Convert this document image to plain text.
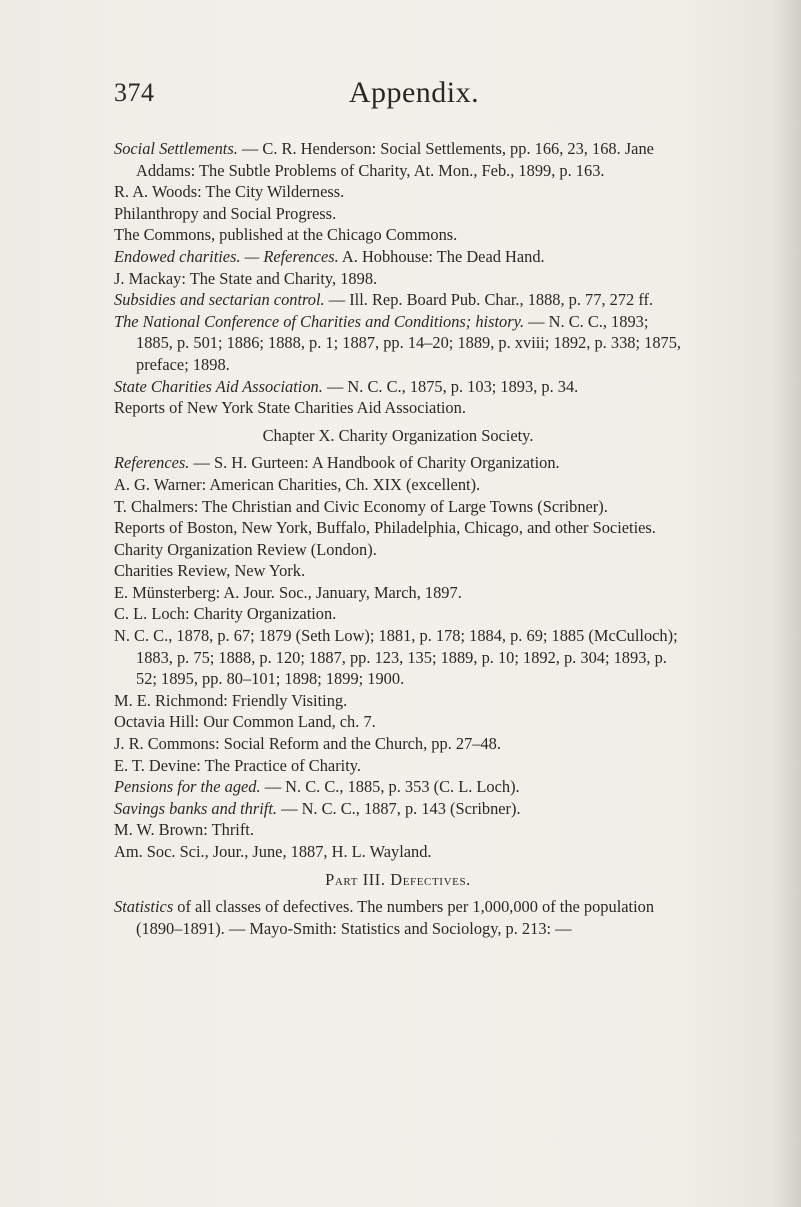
374	Appendix.

Social Settlements. — C. R. Henderson: Social Settlements, pp. 166, 23, 168. Jane Addams: The Subtle Problems of Charity, At. Mon., Feb., 1899, p. 163.

R. A. Woods: The City Wilderness.

Philanthropy and Social Progress.

The Commons, published at the Chicago Commons.

Endowed charities. — References. A. Hobhouse: The Dead Hand.

J. Mackay: The State and Charity, 1898.

Subsidies and sectarian control. — Ill. Rep. Board Pub. Char., 1888, p. 77, 272 ff.

The National Conference of Charities and Conditions; history. — N. C. C., 1893; 1885, p. 501; 1886; 1888, p. 1; 1887, pp. 14–20; 1889, p. xviii; 1892, p. 338; 1875, preface; 1898.

State Charities Aid Association. — N. C. C., 1875, p. 103; 1893, p. 34.

Reports of New York State Charities Aid Association.

Chapter X. Charity Organization Society.

References. — S. H. Gurteen: A Handbook of Charity Organization.

A. G. Warner: American Charities, Ch. XIX (excellent).

T. Chalmers: The Christian and Civic Economy of Large Towns (Scribner).

Reports of Boston, New York, Buffalo, Philadelphia, Chicago, and other Societies.

Charity Organization Review (London).

Charities Review, New York.

E. Münsterberg: A. Jour. Soc., January, March, 1897.

C. L. Loch: Charity Organization.

N. C. C., 1878, p. 67; 1879 (Seth Low); 1881, p. 178; 1884, p. 69; 1885 (McCulloch); 1883, p. 75; 1888, p. 120; 1887, pp. 123, 135; 1889, p. 10; 1892, p. 304; 1893, p. 52; 1895, pp. 80–101; 1898; 1899; 1900.

M. E. Richmond: Friendly Visiting.

Octavia Hill: Our Common Land, ch. 7.

J. R. Commons: Social Reform and the Church, pp. 27–48.

E. T. Devine: The Practice of Charity.

Pensions for the aged. — N. C. C., 1885, p. 353 (C. L. Loch).

Savings banks and thrift. — N. C. C., 1887, p. 143 (Scribner).

M. W. Brown: Thrift.

Am. Soc. Sci., Jour., June, 1887, H. L. Wayland.

Part III. Defectives.

Statistics of all classes of defectives. The numbers per 1,000,000 of the population (1890–1891). — Mayo-Smith: Statistics and Sociology, p. 213: —
